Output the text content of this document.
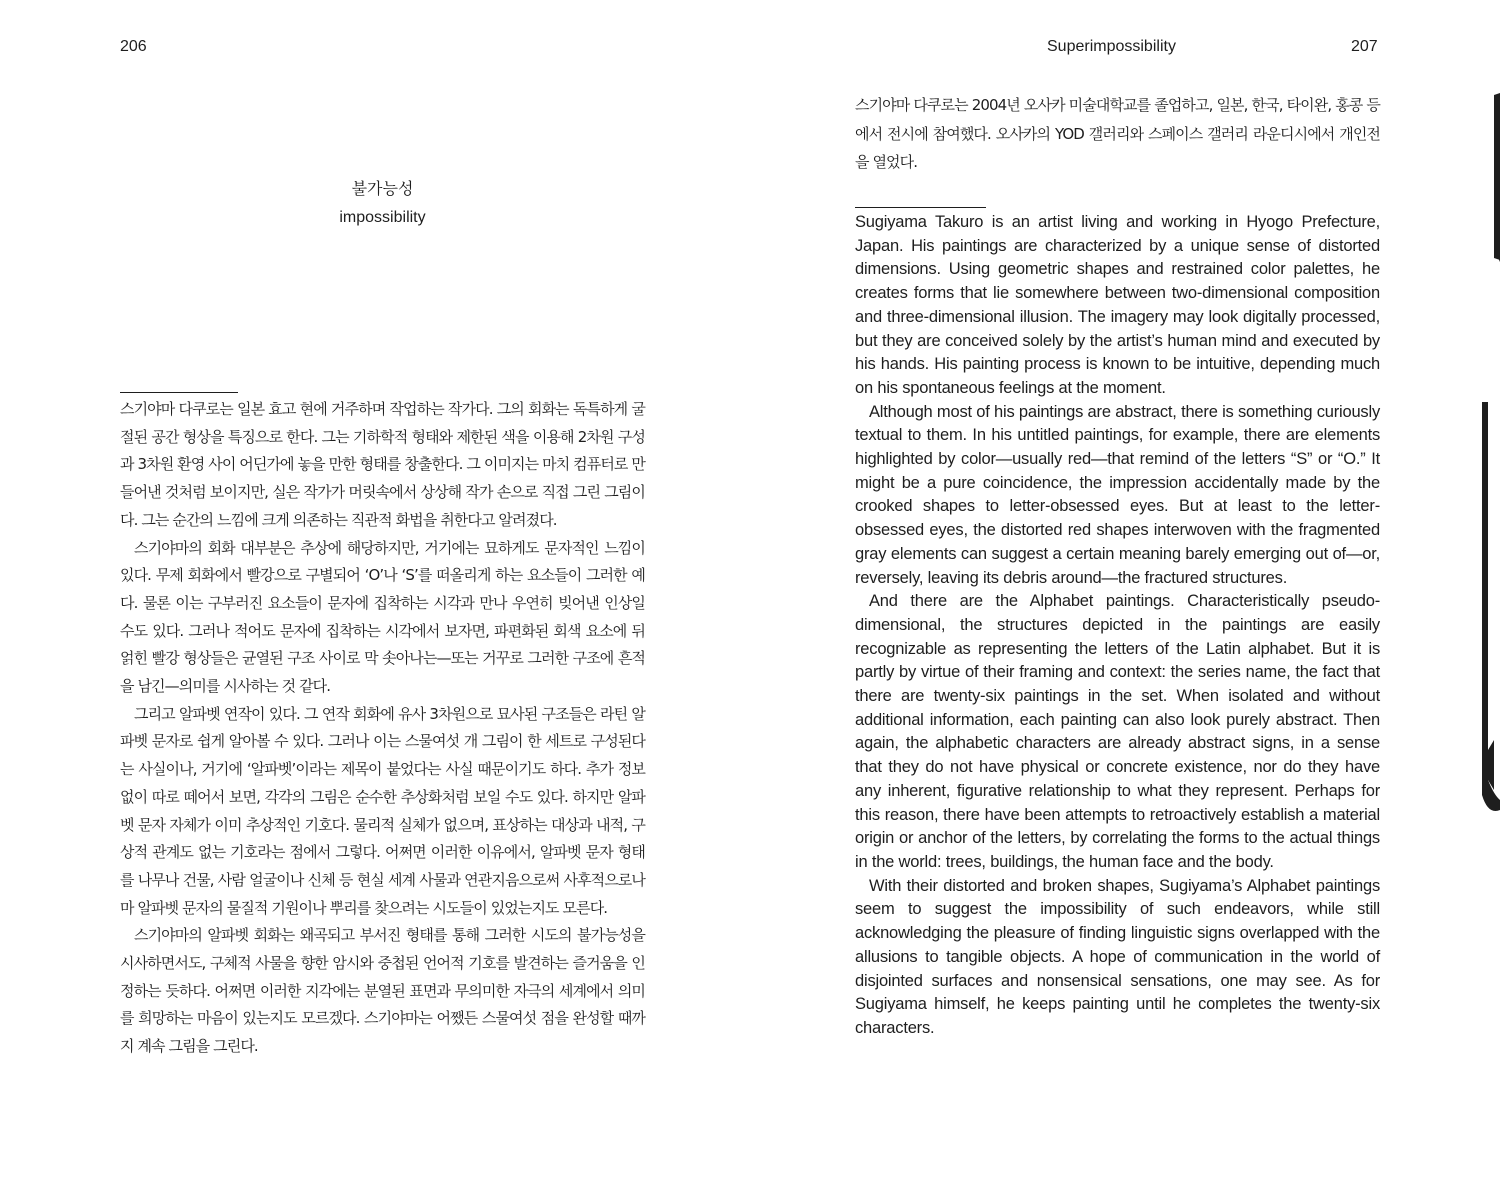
206
불가능성
impossibility

스기야마 다쿠로는 일본 효고 현에 거주하며 작업하는 작가다. 그의 회화는 독특하게 굴절된 공간 형상을 특징으로 한다. 그는 기하학적 형태와 제한된 색을 이용해 2차원 구성과 3차원 환영 사이 어딘가에 놓을 만한 형태를 창출한다. 그 이미지는 마치 컴퓨터로 만들어낸 것처럼 보이지만, 실은 작가가 머릿속에서 상상해 작가 손으로 직접 그린 그림이다. 그는 순간의 느낌에 크게 의존하는 직관적 화법을 취한다고 알려졌다.

스기야마의 회화 대부분은 추상에 해당하지만, 거기에는 묘하게도 문자적인 느낌이 있다. 무제 회화에서 빨강으로 구별되어 ‘O’나 ‘S’를 떠올리게 하는 요소들이 그러한 예다. 물론 이는 구부러진 요소들이 문자에 집착하는 시각과 만나 우연히 빚어낸 인상일 수도 있다. 그러나 적어도 문자에 집착하는 시각에서 보자면, 파편화된 회색 요소에 뒤얽힌 빨강 형상들은 균열된 구조 사이로 막 솟아나는—또는 거꾸로 그러한 구조에 흔적을 남긴—의미를 시사하는 것 같다.

그리고 알파벳 연작이 있다. 그 연작 회화에 유사 3차원으로 묘사된 구조들은 라틴 알파벳 문자로 쉽게 알아볼 수 있다. 그러나 이는 스물여섯 개 그림이 한 세트로 구성된다는 사실이나, 거기에 ‘알파벳’이라는 제목이 붙었다는 사실 때문이기도 하다. 추가 정보 없이 따로 떼어서 보면, 각각의 그림은 순수한 추상화처럼 보일 수도 있다. 하지만 알파벳 문자 자체가 이미 추상적인 기호다. 물리적 실체가 없으며, 표상하는 대상과 내적, 구상적 관계도 없는 기호라는 점에서 그렇다. 어쩌면 이러한 이유에서, 알파벳 문자 형태를 나무나 건물, 사람 얼굴이나 신체 등 현실 세계 사물과 연관지음으로써 사후적으로나마 알파벳 문자의 물질적 기원이나 뿌리를 찾으려는 시도들이 있었는지도 모른다.

스기야마의 알파벳 회화는 왜곡되고 부서진 형태를 통해 그러한 시도의 불가능성을 시사하면서도, 구체적 사물을 향한 암시와 중첩된 언어적 기호를 발견하는 즐거움을 인정하는 듯하다. 어쩌면 이러한 지각에는 분열된 표면과 무의미한 자극의 세계에서 의미를 희망하는 마음이 있는지도 모르겠다. 스기야마는 어쨌든 스물여섯 점을 완성할 때까지 계속 그림을 그린다.

Superimpossibility	207
스기야마 다쿠로는 2004년 오사카 미술대학교를 졸업하고, 일본, 한국, 타이완, 홍콩 등에서 전시에 참여했다. 오사카의 YOD 갤러리와 스페이스 갤러리 라운디시에서 개인전을 열었다.

Sugiyama Takuro is an artist living and working in Hyogo Prefecture, Japan. His paintings are characterized by a unique sense of distorted dimensions. Using geometric shapes and restrained color palettes, he creates forms that lie somewhere between two-dimensional composition and three-dimensional illusion. The imagery may look digitally processed, but they are conceived solely by the artist’s human mind and executed by his hands. His painting process is known to be intuitive, depending much on his spontaneous feelings at the moment.

Although most of his paintings are abstract, there is something curiously textual to them. In his untitled paintings, for example, there are elements highlighted by color—usually red—that remind of the letters “S” or “O.” It might be a pure coincidence, the impression accidentally made by the crooked shapes to letter-obsessed eyes. But at least to the letter-obsessed eyes, the distorted red shapes interwoven with the fragmented gray elements can suggest a certain meaning barely emerging out of—or, reversely, leaving its debris around—the fractured structures.

And there are the Alphabet paintings. Characteristically pseudo-dimensional, the structures depicted in the paintings are easily recognizable as representing the letters of the Latin alphabet. But it is partly by virtue of their framing and context: the series name, the fact that there are twenty-six paintings in the set. When isolated and without additional information, each painting can also look purely abstract. Then again, the alphabetic characters are already abstract signs, in a sense that they do not have physical or concrete existence, nor do they have any inherent, figurative relationship to what they represent. Perhaps for this reason, there have been attempts to retroactively establish a material origin or anchor of the letters, by correlating the forms to the actual things in the world: trees, buildings, the human face and the body.

With their distorted and broken shapes, Sugiyama’s Alphabet paintings seem to suggest the impossibility of such endeavors, while still acknowledging the pleasure of finding linguistic signs overlapped with the allusions to tangible objects. A hope of communication in the world of disjointed surfaces and nonsensical sensations, one may see. As for Sugiyama himself, he keeps painting until he completes the twenty-six characters.
